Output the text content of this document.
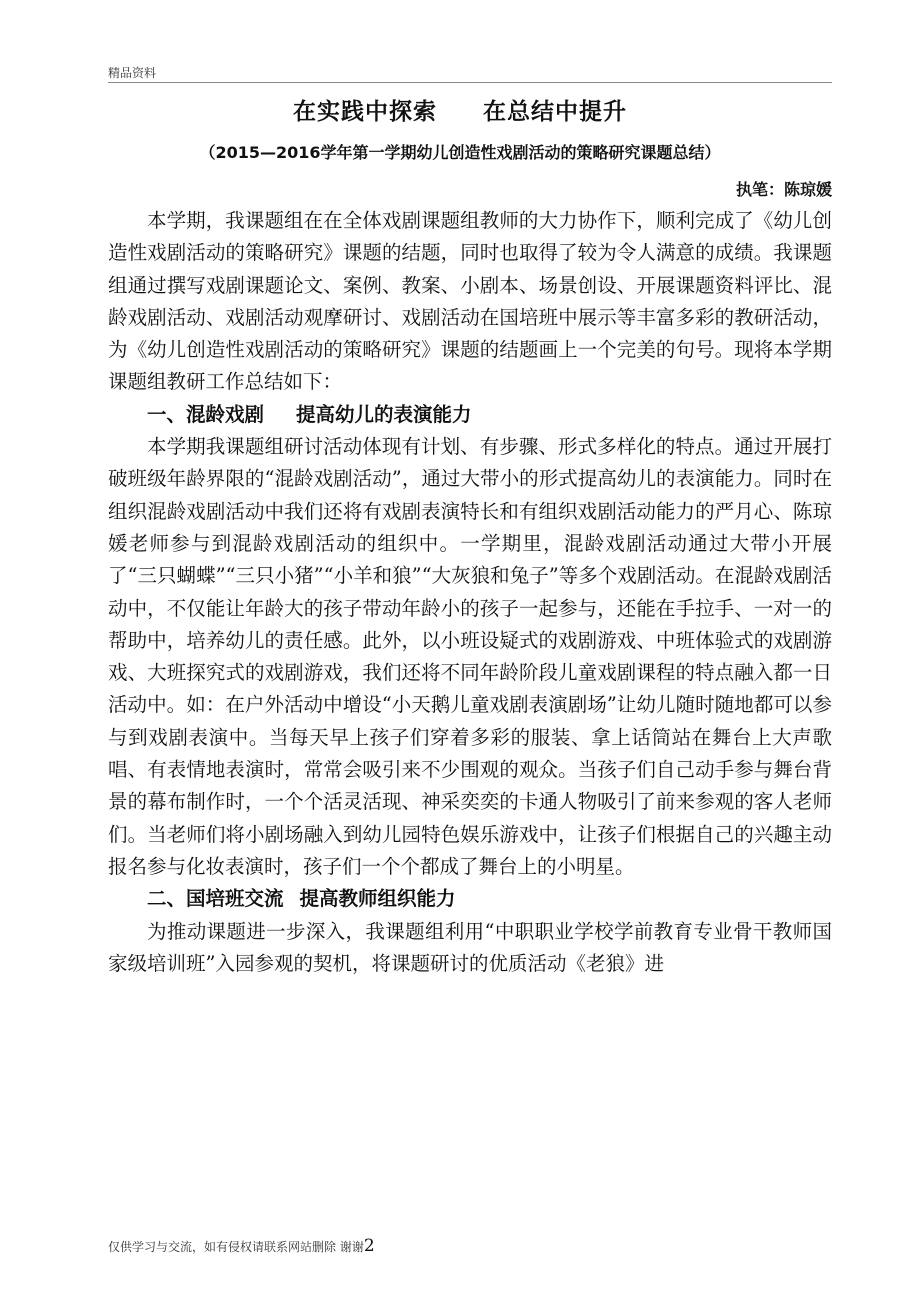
精品资料
在实践中探索 在总结中提升
（2015—2016学年第一学期幼儿创造性戏剧活动的策略研究课题总结）
执笔：陈琼媛

本学期，我课题组在在全体戏剧课题组教师的大力协作下，顺利完成了《幼儿创造性戏剧活动的策略研究》课题的结题，同时也取得了较为令人满意的成绩。我课题组通过撰写戏剧课题论文、案例、教案、小剧本、场景创设、开展课题资料评比、混龄戏剧活动、戏剧活动观摩研讨、戏剧活动在国培班中展示等丰富多彩的教研活动，为《幼儿创造性戏剧活动的策略研究》课题的结题画上一个完美的句号。现将本学期课题组教研工作总结如下：

一、混龄戏剧 提高幼儿的表演能力

本学期我课题组研讨活动体现有计划、有步骤、形式多样化的特点。通过开展打破班级年龄界限的“混龄戏剧活动”，通过大带小的形式提高幼儿的表演能力。同时在组织混龄戏剧活动中我们还将有戏剧表演特长和有组织戏剧活动能力的严月心、陈琼媛老师参与到混龄戏剧活动的组织中。一学期里，混龄戏剧活动通过大带小开展了“三只蝴蝶”“三只小猪”“小羊和狼”“大灰狼和兔子”等多个戏剧活动。在混龄戏剧活动中，不仅能让年龄大的孩子带动年龄小的孩子一起参与，还能在手拉手、一对一的帮助中，培养幼儿的责任感。此外，以小班设疑式的戏剧游戏、中班体验式的戏剧游戏、大班探究式的戏剧游戏，我们还将不同年龄阶段儿童戏剧课程的特点融入都一日活动中。如：在户外活动中增设“小天鹅儿童戏剧表演剧场”让幼儿随时随地都可以参与到戏剧表演中。当每天早上孩子们穿着多彩的服装、拿上话筒站在舞台上大声歌唱、有表情地表演时，常常会吸引来不少围观的观众。当孩子们自己动手参与舞台背景的幕布制作时，一个个活灵活现、神采奕奕的卡通人物吸引了前来参观的客人老师们。当老师们将小剧场融入到幼儿园特色娱乐游戏中，让孩子们根据自己的兴趣主动报名参与化妆表演时，孩子们一个个都成了舞台上的小明星。

二、国培班交流 提高教师组织能力

为推动课题进一步深入，我课题组利用“中职职业学校学前教育专业骨干教师国家级培训班”入园参观的契机，将课题研讨的优质活动《老狼》进

仅供学习与交流，如有侵权请联系网站删除 谢谢2
